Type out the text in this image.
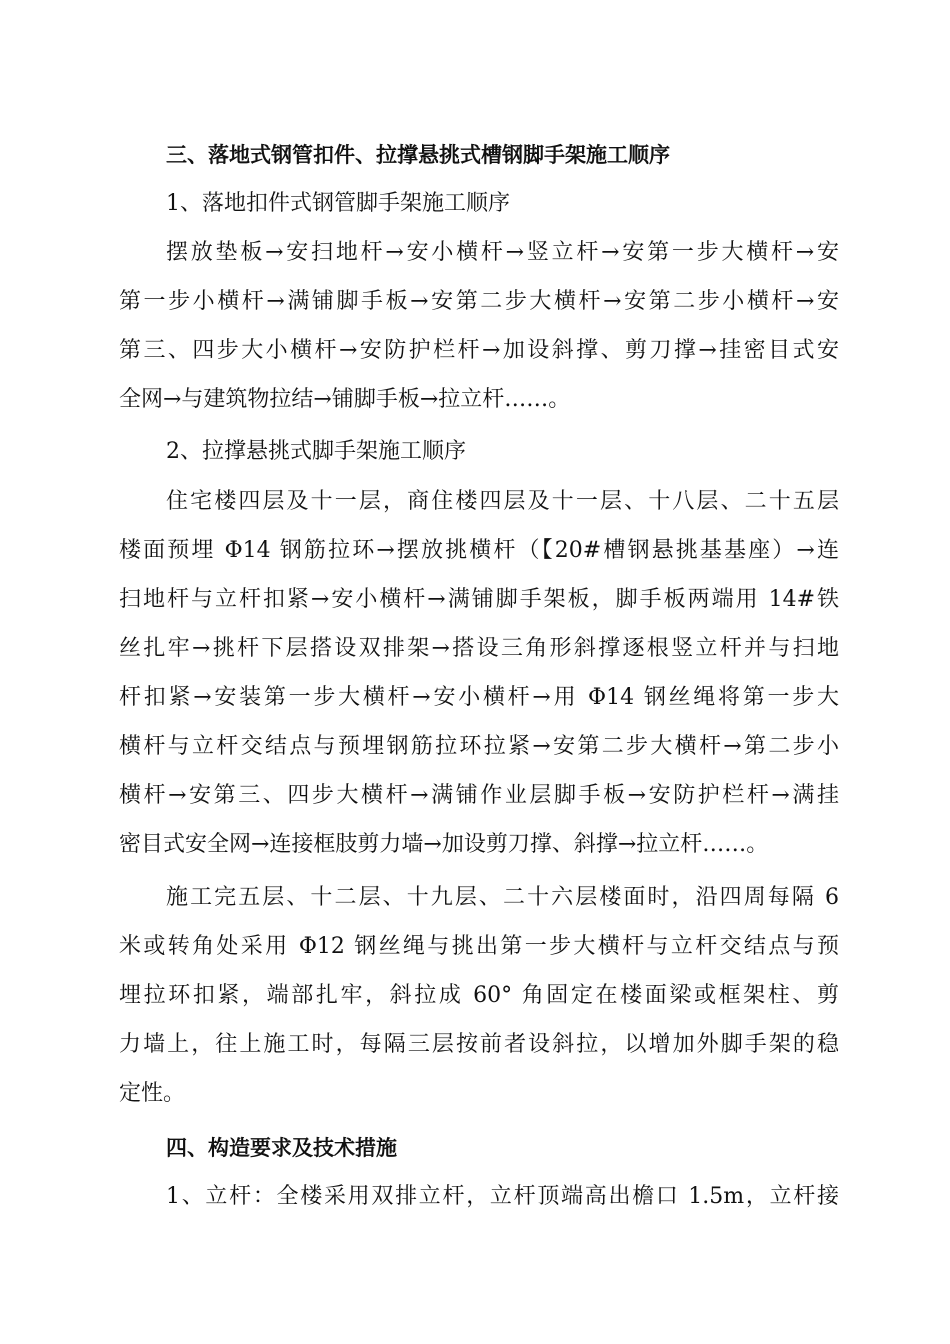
三、落地式钢管扣件、拉撑悬挑式槽钢脚手架施工顺序
1、落地扣件式钢管脚手架施工顺序
摆放垫板→安扫地杆→安小横杆→竖立杆→安第一步大横杆→安
第一步小横杆→满铺脚手板→安第二步大横杆→安第二步小横杆→安
第三、四步大小横杆→安防护栏杆→加设斜撑、剪刀撑→挂密目式安
全网→与建筑物拉结→铺脚手板→拉立杆……。
2、拉撑悬挑式脚手架施工顺序
住宅楼四层及十一层，商住楼四层及十一层、十八层、二十五层
楼面预埋 Φ14 钢筋拉环→摆放挑横杆（【20#槽钢悬挑基基座）→连
扫地杆与立杆扣紧→安小横杆→满铺脚手架板，脚手板两端用 14#铁
丝扎牢→挑杆下层搭设双排架→搭设三角形斜撑逐根竖立杆并与扫地
杆扣紧→安装第一步大横杆→安小横杆→用 Φ14 钢丝绳将第一步大
横杆与立杆交结点与预埋钢筋拉环拉紧→安第二步大横杆→第二步小
横杆→安第三、四步大横杆→满铺作业层脚手板→安防护栏杆→满挂
密目式安全网→连接框肢剪力墙→加设剪刀撑、斜撑→拉立杆……。
施工完五层、十二层、十九层、二十六层楼面时，沿四周每隔 6
米或转角处采用 Φ12 钢丝绳与挑出第一步大横杆与立杆交结点与预
埋拉环扣紧，端部扎牢，斜拉成 60° 角固定在楼面梁或框架柱、剪
力墙上，往上施工时，每隔三层按前者设斜拉，以增加外脚手架的稳
定性。
四、构造要求及技术措施
1、立杆：全楼采用双排立杆，立杆顶端高出檐口 1.5m，立杆接
